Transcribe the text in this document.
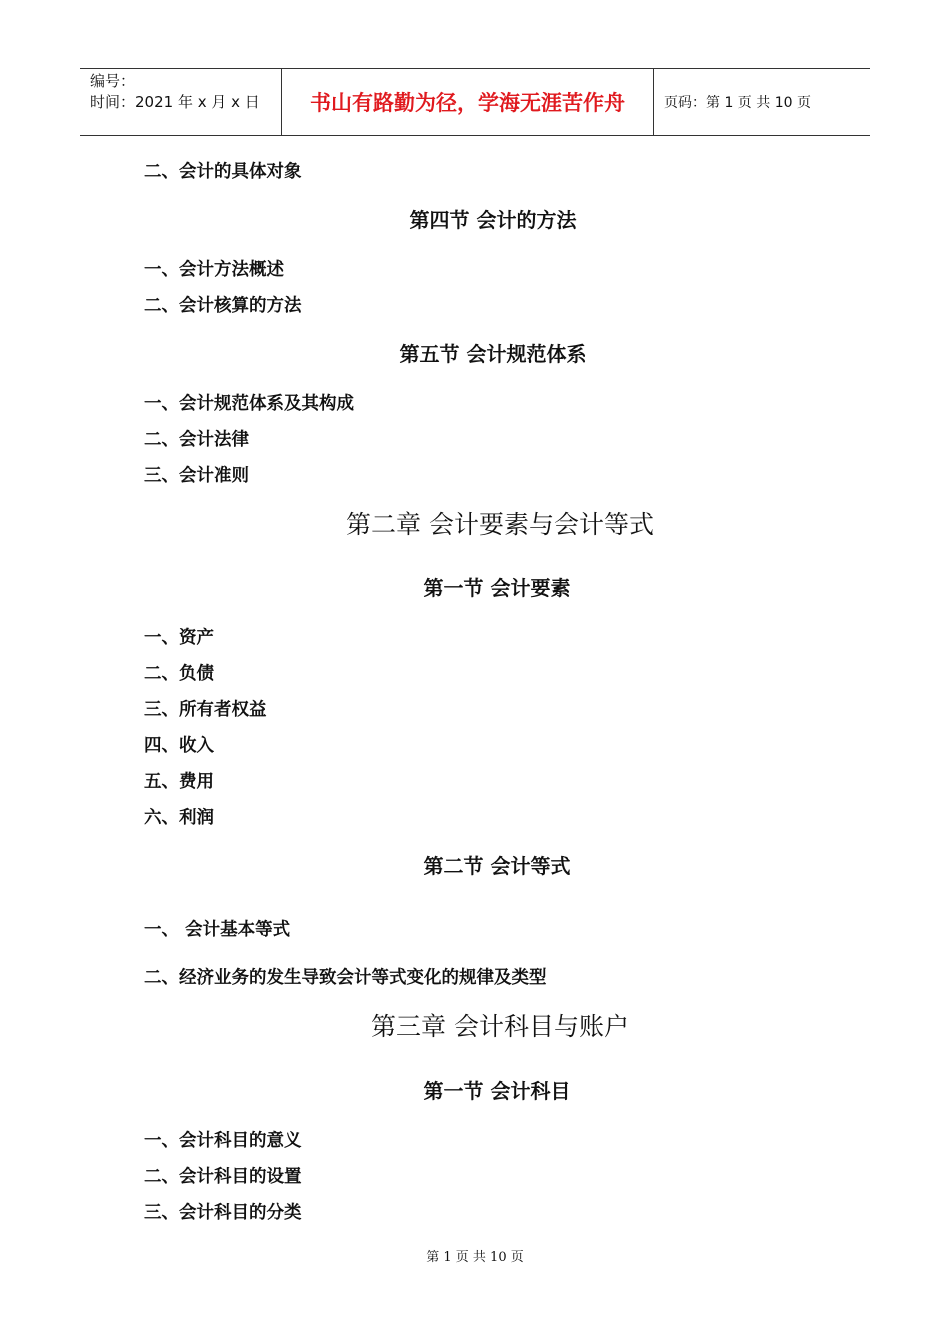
编号：
时间：2021 年 x 月 x 日	书山有路勤为径，学海无涯苦作舟	页码：第 1 页 共 10 页
二、会计的具体对象
第四节 会计的方法
一、会计方法概述
二、会计核算的方法
第五节 会计规范体系
一、会计规范体系及其构成
二、会计法律
三、会计准则
第二章 会计要素与会计等式
第一节 会计要素
一、资产
二、负债
三、所有者权益
四、收入
五、费用
六、利润
第二节 会计等式
一、 会计基本等式
二、经济业务的发生导致会计等式变化的规律及类型
第三章 会计科目与账户
第一节 会计科目
一、会计科目的意义
二、会计科目的设置
三、会计科目的分类
第 1 页 共 10 页
